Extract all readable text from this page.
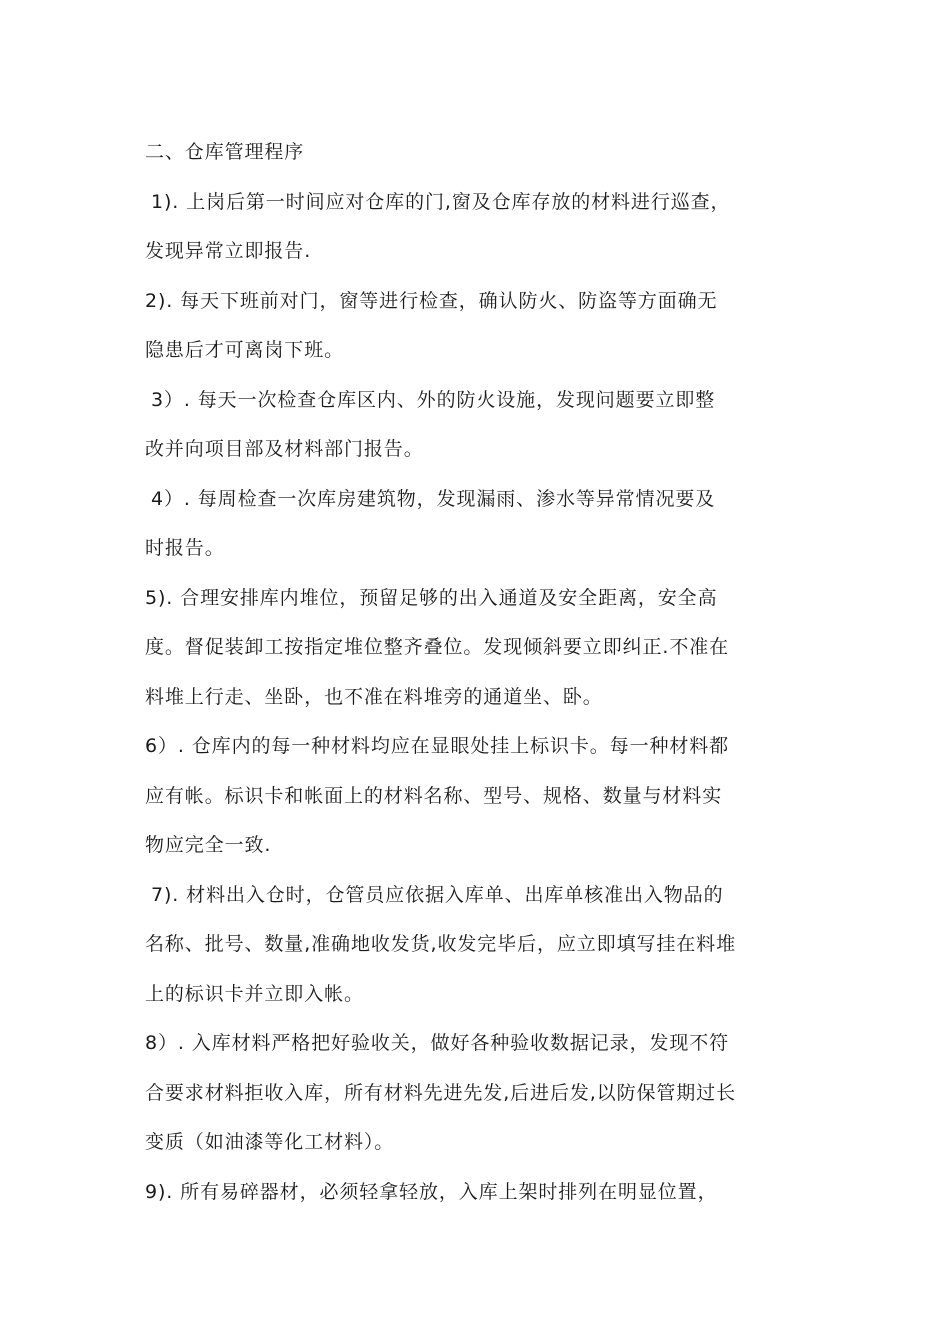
二、仓库管理程序
1). 上岗后第一时间应对仓库的门,窗及仓库存放的材料进行巡查，
发现异常立即报告.
2). 每天下班前对门，窗等进行检查，确认防火、防盗等方面确无
隐患后才可离岗下班。
3）. 每天一次检查仓库区内、外的防火设施，发现问题要立即整
改并向项目部及材料部门报告。
4）. 每周检查一次库房建筑物，发现漏雨、渗水等异常情况要及
时报告。
5). 合理安排库内堆位，预留足够的出入通道及安全距离，安全高
度。督促装卸工按指定堆位整齐叠位。发现倾斜要立即纠正.不准在
料堆上行走、坐卧，也不准在料堆旁的通道坐、卧。
6）. 仓库内的每一种材料均应在显眼处挂上标识卡。每一种材料都
应有帐。标识卡和帐面上的材料名称、型号、规格、数量与材料实
物应完全一致.
7). 材料出入仓时，仓管员应依据入库单、出库单核准出入物品的
名称、批号、数量,准确地收发货,收发完毕后，应立即填写挂在料堆
上的标识卡并立即入帐。
8）. 入库材料严格把好验收关，做好各种验收数据记录，发现不符
合要求材料拒收入库，所有材料先进先发,后进后发,以防保管期过长
变质（如油漆等化工材料）。
9). 所有易碎器材，必须轻拿轻放，入库上架时排列在明显位置，
